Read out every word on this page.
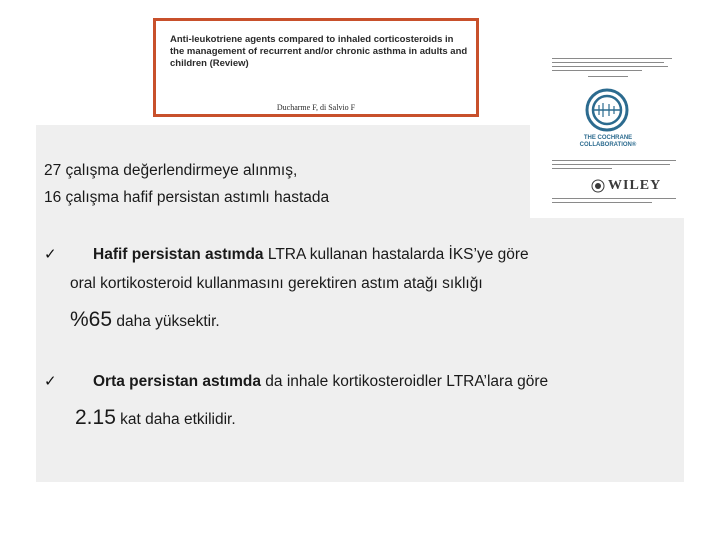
THE COCHRANE COLLABORATION®
WILEY
Anti-leukotriene agents compared to inhaled corticosteroids in the management of recurrent and/or chronic asthma in adults and children (Review)
Ducharme F, di Salvio F
27 çalışma değerlendirmeye alınmış,
16 çalışma hafif persistan astımlı hastada
✓ Hafif persistan astımda LTRA kullanan hastalarda İKS’ye göre
oral kortikosteroid kullanmasını gerektiren astım atağı sıklığı
%65 daha yüksektir.
✓ Orta persistan astımda da inhale kortikosteroidler LTRA’lara göre
2.15 kat daha etkilidir.
